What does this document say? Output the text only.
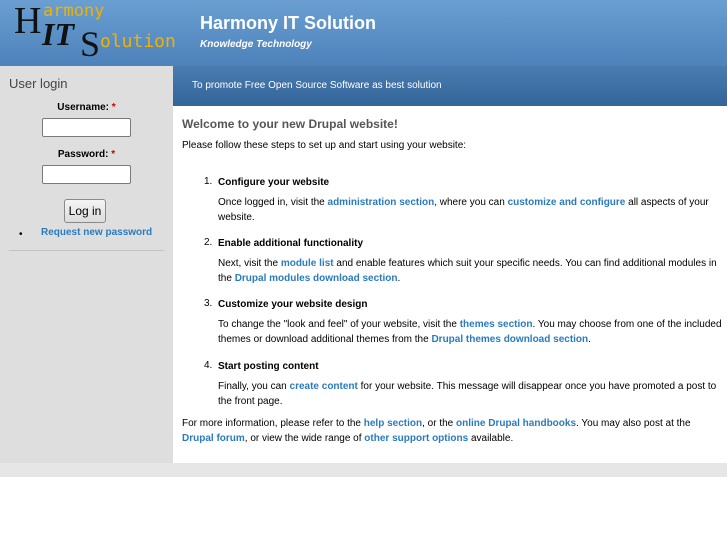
H armony
IT S olution
Harmony IT Solution
Knowledge Technology
User login
Username: *
Password: *
Log in
• Request new password
To promote Free Open Source Software as best solution
Welcome to your new Drupal website!
Please follow these steps to set up and start using your website:
1. Configure your website
Once logged in, visit the administration section, where you can customize and configure all aspects of your website.
2. Enable additional functionality
Next, visit the module list and enable features which suit your specific needs. You can find additional modules in the Drupal modules download section.
3. Customize your website design
To change the "look and feel" of your website, visit the themes section. You may choose from one of the included themes or download additional themes from the Drupal themes download section.
4. Start posting content
Finally, you can create content for your website. This message will disappear once you have promoted a post to the front page.
For more information, please refer to the help section, or the online Drupal handbooks. You may also post at the Drupal forum, or view the wide range of other support options available.
